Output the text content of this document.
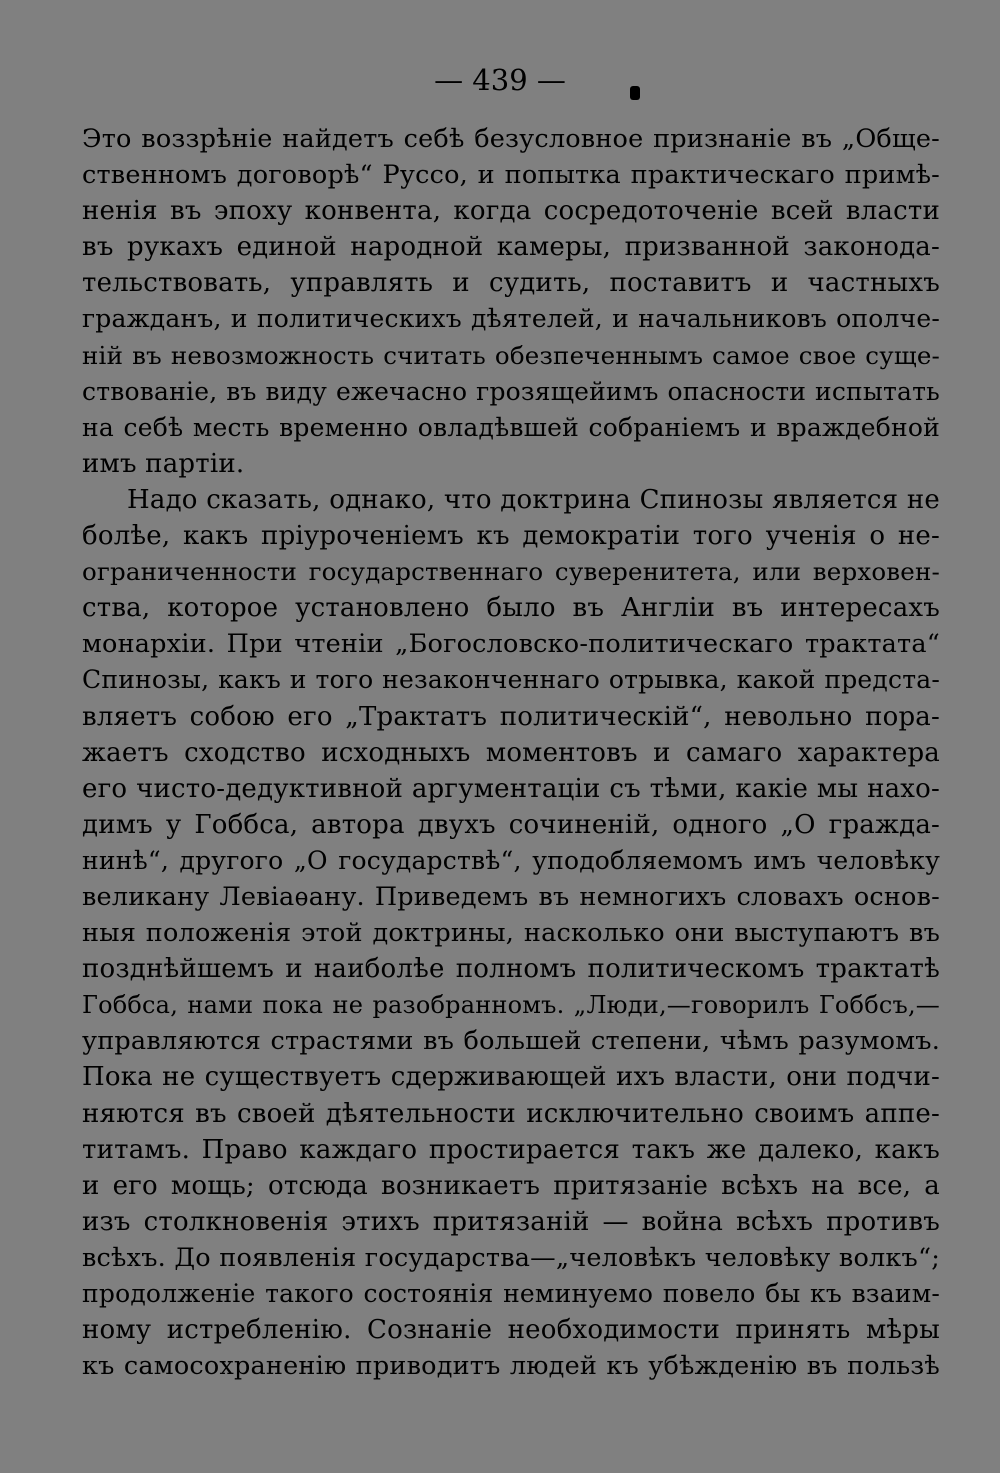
— 439 —
Это воззрѣніе найдетъ себѣ безусловное признаніе въ „Обще-
ственномъ договорѣ“ Руссо, и попытка практическаго примѣ-
ненія въ эпоху конвента, когда сосредоточеніе всей власти
въ рукахъ единой народной камеры, призванной законода-
тельствовать, управлять и судить, поставитъ и частныхъ
гражданъ, и политическихъ дѣятелей, и начальниковъ ополче-
ній въ невозможность считать обезпеченнымъ самое свое суще-
ствованіе, въ виду ежечасно грозящейимъ опасности испытать
на себѣ месть временно овладѣвшей собраніемъ и враждебной
имъ партіи.
Надо сказать, однако, что доктрина Спинозы является не
болѣе, какъ пріуроченіемъ къ демократіи того ученія о не-
ограниченности государственнаго суверенитета, или верховен-
ства, которое установлено было въ Англіи въ интересахъ
монархіи. При чтеніи „Богословско-политическаго трактата“
Спинозы, какъ и того незаконченнаго отрывка, какой предста-
вляетъ собою его „Трактатъ политическій“, невольно пора-
жаетъ сходство исходныхъ моментовъ и самаго характера
его чисто-дедуктивной аргументаціи съ тѣми, какіе мы нахо-
димъ у Гоббса, автора двухъ сочиненій, одного „О гражда-
нинѣ“, другого „О государствѣ“, уподобляемомъ имъ человѣку
великану Левіаѳану. Приведемъ въ немногихъ словахъ основ-
ныя положенія этой доктрины, насколько они выступаютъ въ
позднѣйшемъ и наиболѣе полномъ политическомъ трактатѣ
Гоббса, нами пока не разобранномъ. „Люди,—говорилъ Гоббсъ,—
управляются страстями въ большей степени, чѣмъ разумомъ.
Пока не существуетъ сдерживающей ихъ власти, они подчи-
няются въ своей дѣятельности исключительно своимъ аппе-
титамъ. Право каждаго простирается такъ же далеко, какъ
и его мощь; отсюда возникаетъ притязаніе всѣхъ на все, а
изъ столкновенія этихъ притязаній — война всѣхъ противъ
всѣхъ. До появленія государства—„человѣкъ человѣку волкъ“;
продолженіе такого состоянія неминуемо повело бы къ взаим-
ному истребленію. Сознаніе необходимости принять мѣры
къ самосохраненію приводитъ людей къ убѣжденію въ пользѣ
